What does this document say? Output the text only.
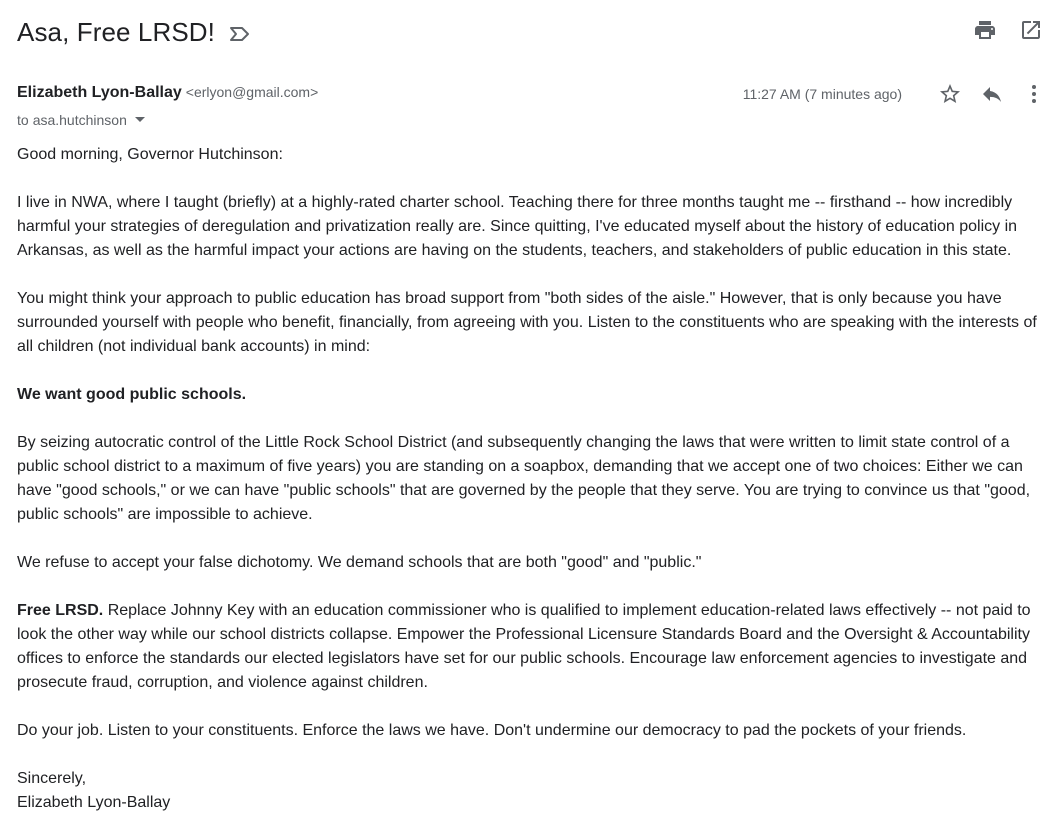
Asa, Free LRSD!
Elizabeth Lyon-Ballay <erlyon@gmail.com>
to asa.hutchinson
11:27 AM (7 minutes ago)

Good morning, Governor Hutchinson:

I live in NWA, where I taught (briefly) at a highly-rated charter school. Teaching there for three months taught me -- firsthand -- how incredibly harmful your strategies of deregulation and privatization really are. Since quitting, I've educated myself about the history of education policy in Arkansas, as well as the harmful impact your actions are having on the students, teachers, and stakeholders of public education in this state.

You might think your approach to public education has broad support from "both sides of the aisle." However, that is only because you have surrounded yourself with people who benefit, financially, from agreeing with you. Listen to the constituents who are speaking with the interests of all children (not individual bank accounts) in mind:

We want good public schools.

By seizing autocratic control of the Little Rock School District (and subsequently changing the laws that were written to limit state control of a public school district to a maximum of five years) you are standing on a soapbox, demanding that we accept one of two choices: Either we can have "good schools," or we can have "public schools" that are governed by the people that they serve. You are trying to convince us that "good, public schools" are impossible to achieve.

We refuse to accept your false dichotomy. We demand schools that are both "good" and "public."

Free LRSD. Replace Johnny Key with an education commissioner who is qualified to implement education-related laws effectively -- not paid to look the other way while our school districts collapse. Empower the Professional Licensure Standards Board and the Oversight & Accountability offices to enforce the standards our elected legislators have set for our public schools. Encourage law enforcement agencies to investigate and prosecute fraud, corruption, and violence against children.

Do your job. Listen to your constituents. Enforce the laws we have. Don't undermine our democracy to pad the pockets of your friends.

Sincerely,
Elizabeth Lyon-Ballay
